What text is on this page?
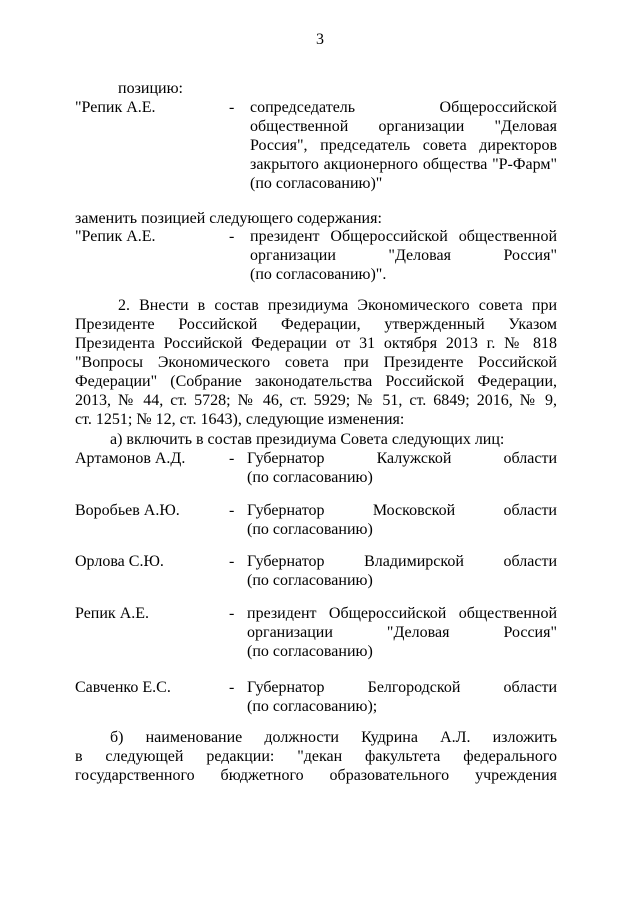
3
позицию:
"Репик А.Е.	- сопредседатель Общероссийской
общественной организации "Деловая
Россия", председатель совета директоров
закрытого акционерного общества "Р-Фарм"
(по согласованию)"
заменить позицией следующего содержания:
"Репик А.Е.	- президент Общероссийской общественной
организации "Деловая Россия"
(по согласованию)".
2. Внести в состав президиума Экономического совета при
Президенте Российской Федерации, утвержденный Указом
Президента Российской Федерации от 31 октября 2013 г. № 818
"Вопросы Экономического совета при Президенте Российской
Федерации" (Собрание законодательства Российской Федерации,
2013, № 44, ст. 5728; № 46, ст. 5929; № 51, ст. 6849; 2016, № 9,
ст. 1251; № 12, ст. 1643), следующие изменения:
а) включить в состав президиума Совета следующих лиц:
Артамонов А.Д.	- Губернатор Калужской области
(по согласованию)
Воробьев А.Ю.	- Губернатор Московской области
(по согласованию)
Орлова С.Ю.	- Губернатор Владимирской области
(по согласованию)
Репик А.Е.	- президент Общероссийской общественной
организации "Деловая Россия"
(по согласованию)
Савченко Е.С.	- Губернатор Белгородской области
(по согласованию);
б) наименование должности Кудрина А.Л. изложить
в следующей редакции: "декан факультета федерального
государственного бюджетного образовательного учреждения
